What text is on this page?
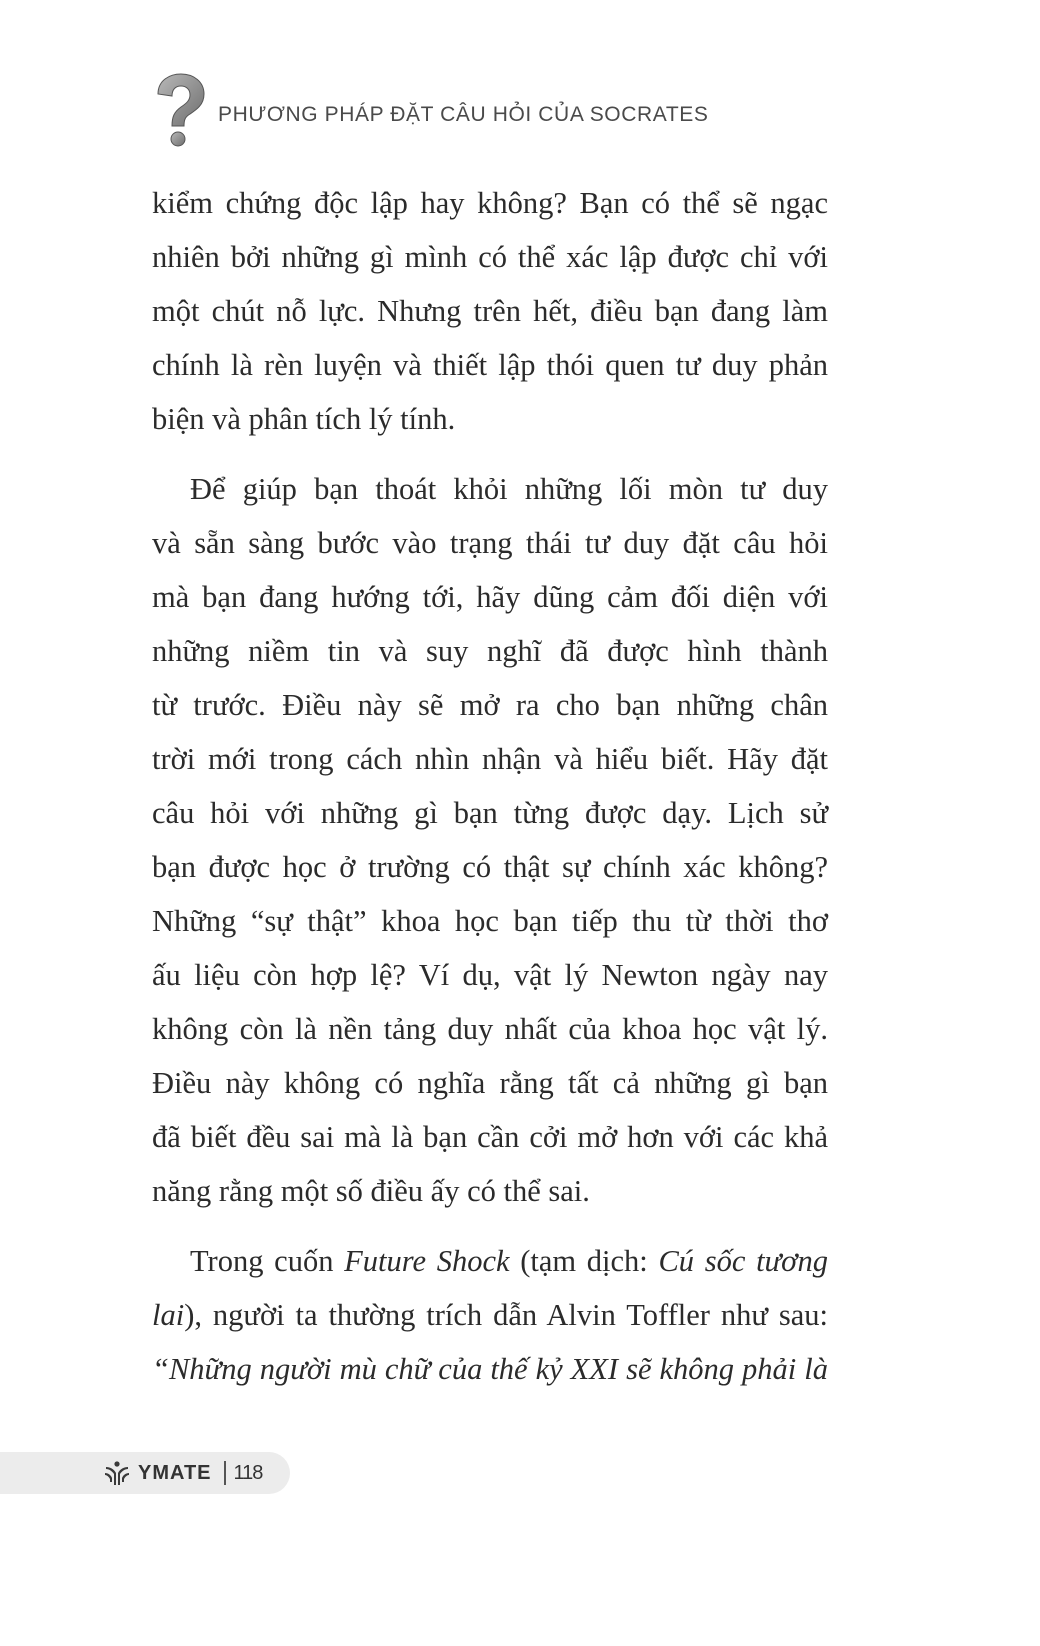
PHƯƠNG PHÁP ĐẶT CÂU HỎI CỦA SOCRATES
kiểm chứng độc lập hay không? Bạn có thể sẽ ngạc
nhiên bởi những gì mình có thể xác lập được chỉ với
một chút nỗ lực. Nhưng trên hết, điều bạn đang làm
chính là rèn luyện và thiết lập thói quen tư duy phản
biện và phân tích lý tính.
Để giúp bạn thoát khỏi những lối mòn tư duy
và sẵn sàng bước vào trạng thái tư duy đặt câu hỏi
mà bạn đang hướng tới, hãy dũng cảm đối diện với
những niềm tin và suy nghĩ đã được hình thành
từ trước. Điều này sẽ mở ra cho bạn những chân
trời mới trong cách nhìn nhận và hiểu biết. Hãy đặt
câu hỏi với những gì bạn từng được dạy. Lịch sử
bạn được học ở trường có thật sự chính xác không?
Những “sự thật” khoa học bạn tiếp thu từ thời thơ
ấu liệu còn hợp lệ? Ví dụ, vật lý Newton ngày nay
không còn là nền tảng duy nhất của khoa học vật lý.
Điều này không có nghĩa rằng tất cả những gì bạn
đã biết đều sai mà là bạn cần cởi mở hơn với các khả
năng rằng một số điều ấy có thể sai.
Trong cuốn Future Shock (tạm dịch: Cú sốc tương
lai), người ta thường trích dẫn Alvin Toffler như sau:
“Những người mù chữ của thế kỷ XXI sẽ không phải là
YMATE 118
